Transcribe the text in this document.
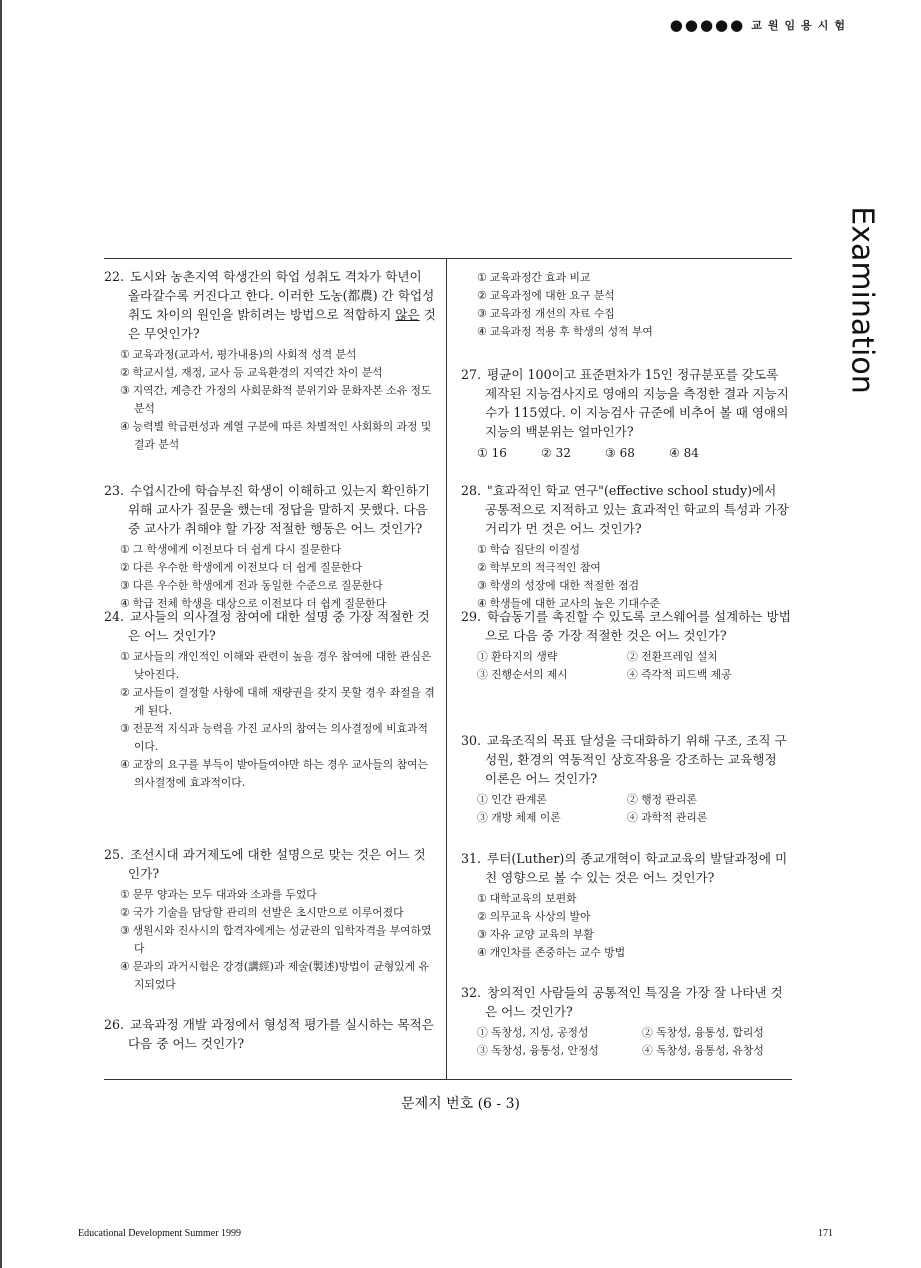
●●●●● 교원임용시험
Examination

22. 도시와 농촌지역 학생간의 학업 성취도 격차가 학년이 올라갈수록 커진다고 한다. 이러한 도농(都農) 간 학업성취도 차이의 원인을 밝히려는 방법으로 적합하지 않은 것은 무엇인가?

① 교육과정(교과서, 평가내용)의 사회적 성격 분석

② 학교시설, 재정, 교사 등 교육환경의 지역간 차이 분석

③ 지역간, 계층간 가정의 사회문화적 분위기와 문화자본 소유 정도 분석

④ 능력별 학급편성과 계열 구분에 따른 차별적인 사회화의 과정 및 결과 분석

23. 수업시간에 학습부진 학생이 이해하고 있는지 확인하기 위해 교사가 질문을 했는데 정답을 말하지 못했다. 다음 중 교사가 취해야 할 가장 적절한 행동은 어느 것인가?

① 그 학생에게 이전보다 더 쉽게 다시 질문한다

② 다른 우수한 학생에게 이전보다 더 쉽게 질문한다

③ 다른 우수한 학생에게 전과 동일한 수준으로 질문한다

④ 학급 전체 학생을 대상으로 이전보다 더 쉽게 질문한다

24. 교사들의 의사결정 참여에 대한 설명 중 가장 적절한 것은 어느 것인가?

① 교사들의 개인적인 이해와 관련이 높을 경우 참여에 대한 관심은 낮아진다.

② 교사들이 결정할 사항에 대해 재량권을 갖지 못할 경우 좌절을 겪게 된다.

③ 전문적 지식과 능력을 가진 교사의 참여는 의사결정에 비효과적이다.

④ 교장의 요구를 부득이 받아들여야만 하는 경우 교사들의 참여는 의사결정에 효과적이다.

25. 조선시대 과거제도에 대한 설명으로 맞는 것은 어느 것인가?

① 문무 양과는 모두 대과와 소과를 두었다

② 국가 기술을 담당할 관리의 선발은 초시만으로 이루어졌다

③ 생원시와 진사시의 합격자에게는 성균관의 입학자격을 부여하였다

④ 문과의 과거시험은 강경(講經)과 제술(製述)방법이 균형있게 유지되었다

26. 교육과정 개발 과정에서 형성적 평가를 실시하는 목적은 다음 중 어느 것인가?

① 교육과정간 효과 비교

② 교육과정에 대한 요구 분석

③ 교육과정 개선의 자료 수집

④ 교육과정 적용 후 학생의 성적 부여

27. 평균이 100이고 표준편차가 15인 정규분포를 갖도록 제작된 지능검사지로 영애의 지능을 측정한 결과 지능지수가 115였다. 이 지능검사 규준에 비추어 볼 때 영애의 지능의 백분위는 얼마인가?

① 16	② 32	③ 68	④ 84

28. "효과적인 학교 연구"(effective school study)에서 공통적으로 지적하고 있는 효과적인 학교의 특성과 가장 거리가 먼 것은 어느 것인가?

① 학습 집단의 이질성

② 학부모의 적극적인 참여

③ 학생의 성장에 대한 적절한 점검

④ 학생들에 대한 교사의 높은 기대수준

29. 학습동기를 촉진할 수 있도록 코스웨어를 설계하는 방법으로 다음 중 가장 적절한 것은 어느 것인가?

① 환타지의 생략	② 전환프레임 설치
③ 진행순서의 제시	④ 즉각적 피드백 제공

30. 교육조직의 목표 달성을 극대화하기 위해 구조, 조직 구성원, 환경의 역동적인 상호작용을 강조하는 교육행정 이론은 어느 것인가?

① 인간 관계론	② 행정 관리론
③ 개방 체제 이론	④ 과학적 관리론

31. 루터(Luther)의 종교개혁이 학교교육의 발달과정에 미친 영향으로 볼 수 있는 것은 어느 것인가?

① 대학교육의 보편화

② 의무교육 사상의 발아

③ 자유 교양 교육의 부활

④ 개인차를 존중하는 교수 방법

32. 창의적인 사람들의 공통적인 특징을 가장 잘 나타낸 것은 어느 것인가?

① 독창성, 지성, 공정성	② 독창성, 융통성, 합리성
③ 독창성, 융통성, 안정성	④ 독창성, 융통성, 유창성
문제지 번호 (6 - 3)
Educational Development Summer 1999	171
